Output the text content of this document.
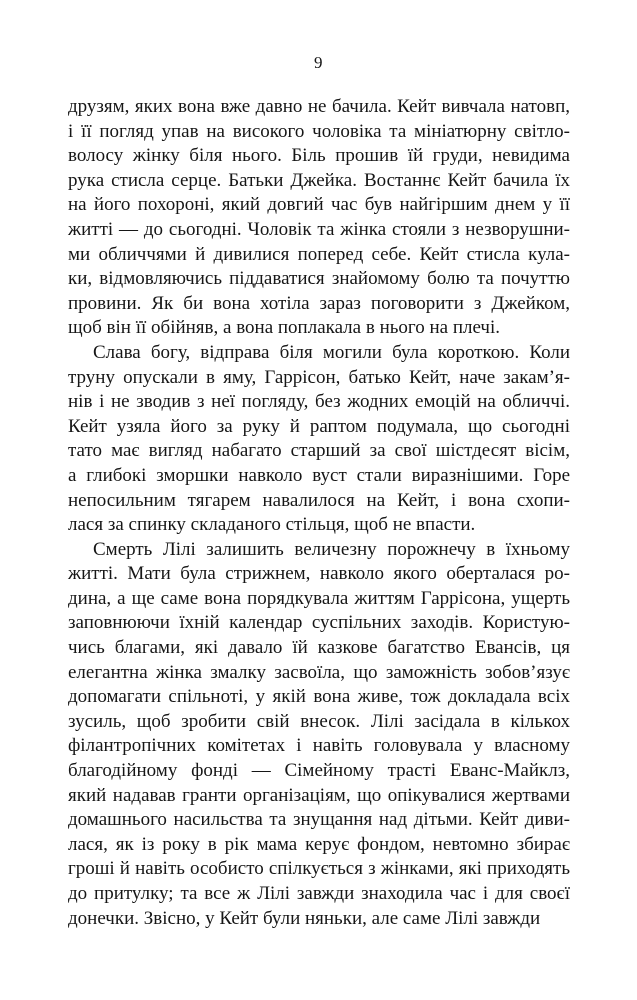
9

друзям, яких вона вже давно не бачила. Кейт вивчала натовп,
і її погляд упав на високого чоловіка та мініатюрну світло-
волосу жінку біля нього. Біль прошив їй груди, невидима
рука стисла серце. Батьки Джейка. Востаннє Кейт бачила їх
на його похороні, який довгий час був найгіршим днем у її
житті — до сьогодні. Чоловік та жінка стояли з незворушни-
ми обличчями й дивилися поперед себе. Кейт стисла кула-
ки, відмовляючись піддаватися знайомому болю та почуттю
провини. Як би вона хотіла зараз поговорити з Джейком,
щоб він її обійняв, а вона поплакала в нього на плечі.

Слава богу, відправа біля могили була короткою. Коли
труну опускали в яму, Гаррісон, батько Кейт, наче закам’я-
нів і не зводив з неї погляду, без жодних емоцій на обличчі.
Кейт узяла його за руку й раптом подумала, що сьогодні
тато має вигляд набагато старший за свої шістдесят вісім,
а глибокі зморшки навколо вуст стали виразнішими. Горе
непосильним тягарем навалилося на Кейт, і вона схопи-
лася за спинку складаного стільця, щоб не впасти.

Смерть Лілі залишить величезну порожнечу в їхньому
житті. Мати була стрижнем, навколо якого оберталася ро-
дина, а ще саме вона порядкувала життям Гаррісона, ущерть
заповнюючи їхній календар суспільних заходів. Користую-
чись благами, які давало їй казкове багатство Евансів, ця
елегантна жінка змалку засвоїла, що заможність зобов’язує
допомагати спільноті, у якій вона живе, тож докладала всіх
зусиль, щоб зробити свій внесок. Лілі засідала в кількох
філантропічних комітетах і навіть головувала у власному
благодійному фонді — Сімейному трасті Еванс-Майклз,
який надавав гранти організаціям, що опікувалися жертвами
домашнього насильства та знущання над дітьми. Кейт диви-
лася, як із року в рік мама керує фондом, невтомно збирає
гроші й навіть особисто спілкується з жінками, які приходять
до притулку; та все ж Лілі завжди знаходила час і для своєї
донечки. Звісно, у Кейт були няньки, але саме Лілі завжди
